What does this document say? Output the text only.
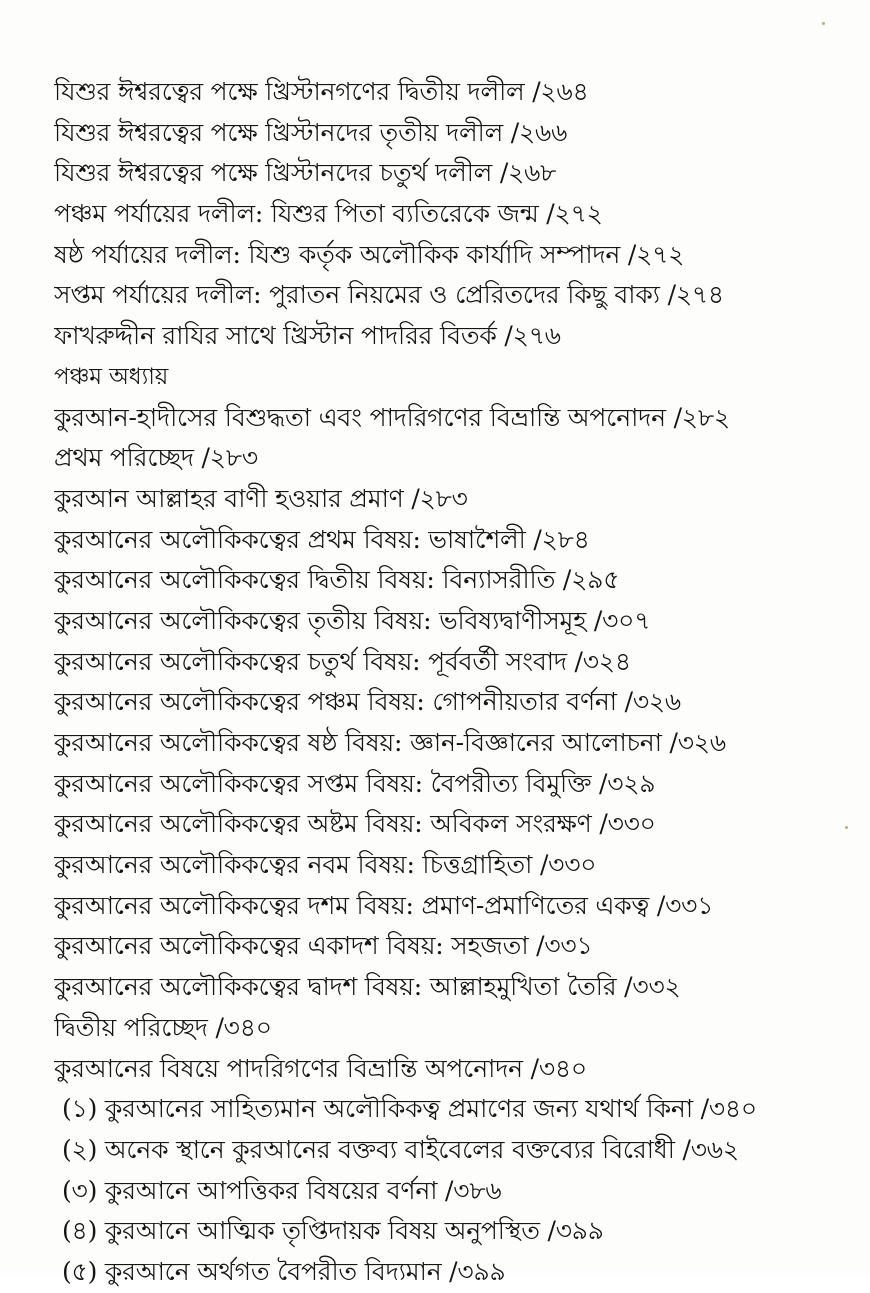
যিশুর ঈশ্বরত্বের পক্ষে খ্রিস্টানগণের দ্বিতীয় দলীল /২৬৪
যিশুর ঈশ্বরত্বের পক্ষে খ্রিস্টানদের তৃতীয় দলীল /২৬৬
যিশুর ঈশ্বরত্বের পক্ষে খ্রিস্টানদের চতুর্থ দলীল /২৬৮
পঞ্চম পর্যায়ের দলীল: যিশুর পিতা ব্যতিরেকে জন্ম /২৭২
ষষ্ঠ পর্যায়ের দলীল: যিশু কর্তৃক অলৌকিক কার্যাদি সম্পাদন /২৭২
সপ্তম পর্যায়ের দলীল: পুরাতন নিয়মের ও প্রেরিতদের কিছু বাক্য /২৭৪
ফাখরুদ্দীন রাযির সাথে খ্রিস্টান পাদরির বিতর্ক /২৭৬
পঞ্চম অধ্যায়
কুরআন-হাদীসের বিশুদ্ধতা এবং পাদরিগণের বিভ্রান্তি অপনোদন /২৮২
প্রথম পরিচ্ছেদ /২৮৩
কুরআন আল্লাহর বাণী হওয়ার প্রমাণ /২৮৩
কুরআনের অলৌকিকত্বের প্রথম বিষয়: ভাষাশৈলী /২৮৪
কুরআনের অলৌকিকত্বের দ্বিতীয় বিষয়: বিন্যাসরীতি /২৯৫
কুরআনের অলৌকিকত্বের তৃতীয় বিষয়: ভবিষ্যদ্বাণীসমূহ /৩০৭
কুরআনের অলৌকিকত্বের চতুর্থ বিষয়: পূর্ববর্তী সংবাদ /৩২৪
কুরআনের অলৌকিকত্বের পঞ্চম বিষয়: গোপনীয়তার বর্ণনা /৩২৬
কুরআনের অলৌকিকত্বের ষষ্ঠ বিষয়: জ্ঞান-বিজ্ঞানের আলোচনা /৩২৬
কুরআনের অলৌকিকত্বের সপ্তম বিষয়: বৈপরীত্য বিমুক্তি /৩২৯
কুরআনের অলৌকিকত্বের অষ্টম বিষয়: অবিকল সংরক্ষণ /৩৩০
কুরআনের অলৌকিকত্বের নবম বিষয়: চিত্তগ্রাহিতা /৩৩০
কুরআনের অলৌকিকত্বের দশম বিষয়: প্রমাণ-প্রমাণিতের একত্ব /৩৩১
কুরআনের অলৌকিকত্বের একাদশ বিষয়: সহজতা /৩৩১
কুরআনের অলৌকিকত্বের দ্বাদশ বিষয়: আল্লাহমুখিতা তৈরি /৩৩২
দ্বিতীয় পরিচ্ছেদ /৩৪০
কুরআনের বিষয়ে পাদরিগণের বিভ্রান্তি অপনোদন /৩৪০
(১) কুরআনের সাহিত্যমান অলৌকিকত্ব প্রমাণের জন্য যথার্থ কিনা /৩৪০
(২) অনেক স্থানে কুরআনের বক্তব্য বাইবেলের বক্তব্যের বিরোধী /৩৬২
(৩) কুরআনে আপত্তিকর বিষয়ের বর্ণনা /৩৮৬
(৪) কুরআনে আত্মিক তৃপ্তিদায়ক বিষয় অনুপস্থিত /৩৯৯
(৫) কুরআনে অর্থগত বৈপরীত বিদ্যমান /৩৯৯
